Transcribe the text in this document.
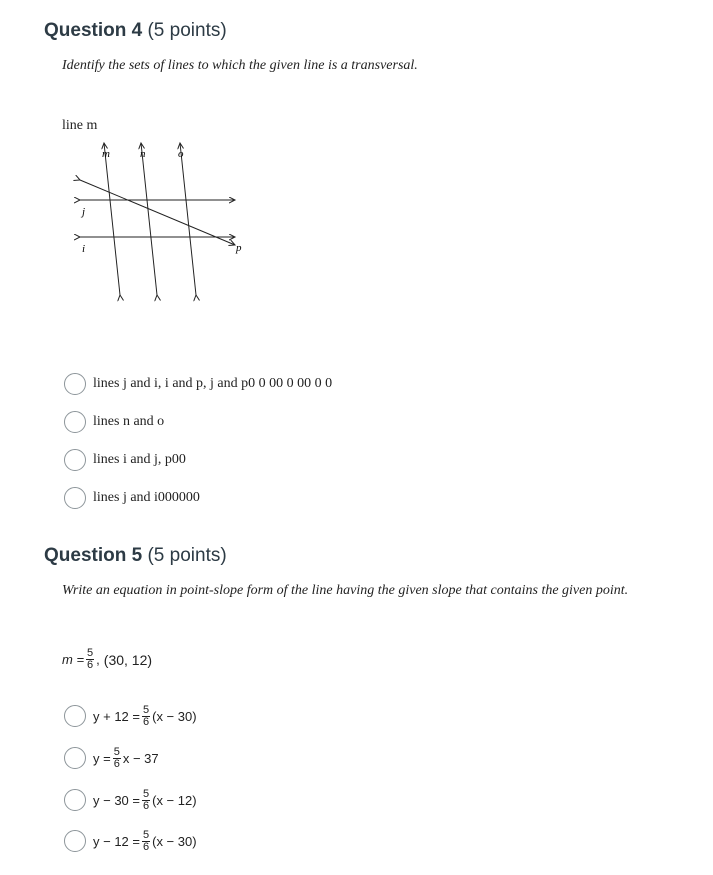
Question 4 (5 points)
Identify the sets of lines to which the given line is a transversal.
line m
m	n	o
j
i	p
lines j and i, i and p, j and p0 0 00 0 00 0 0
lines n and o
lines i and j, p00
lines j and i000000
Question 5 (5 points)
Write an equation in point-slope form of the line having the given slope that contains the given point.
$m = \frac{5}{6}$ , (30, 12)
$y + 12 = \frac{5}{6} (x - 30)$
$y = \frac{5}{6}$ x − 37
$y - 30 = \frac{5}{6} (x - 12)$
$y - 12 = \frac{5}{6} (x - 30)$
